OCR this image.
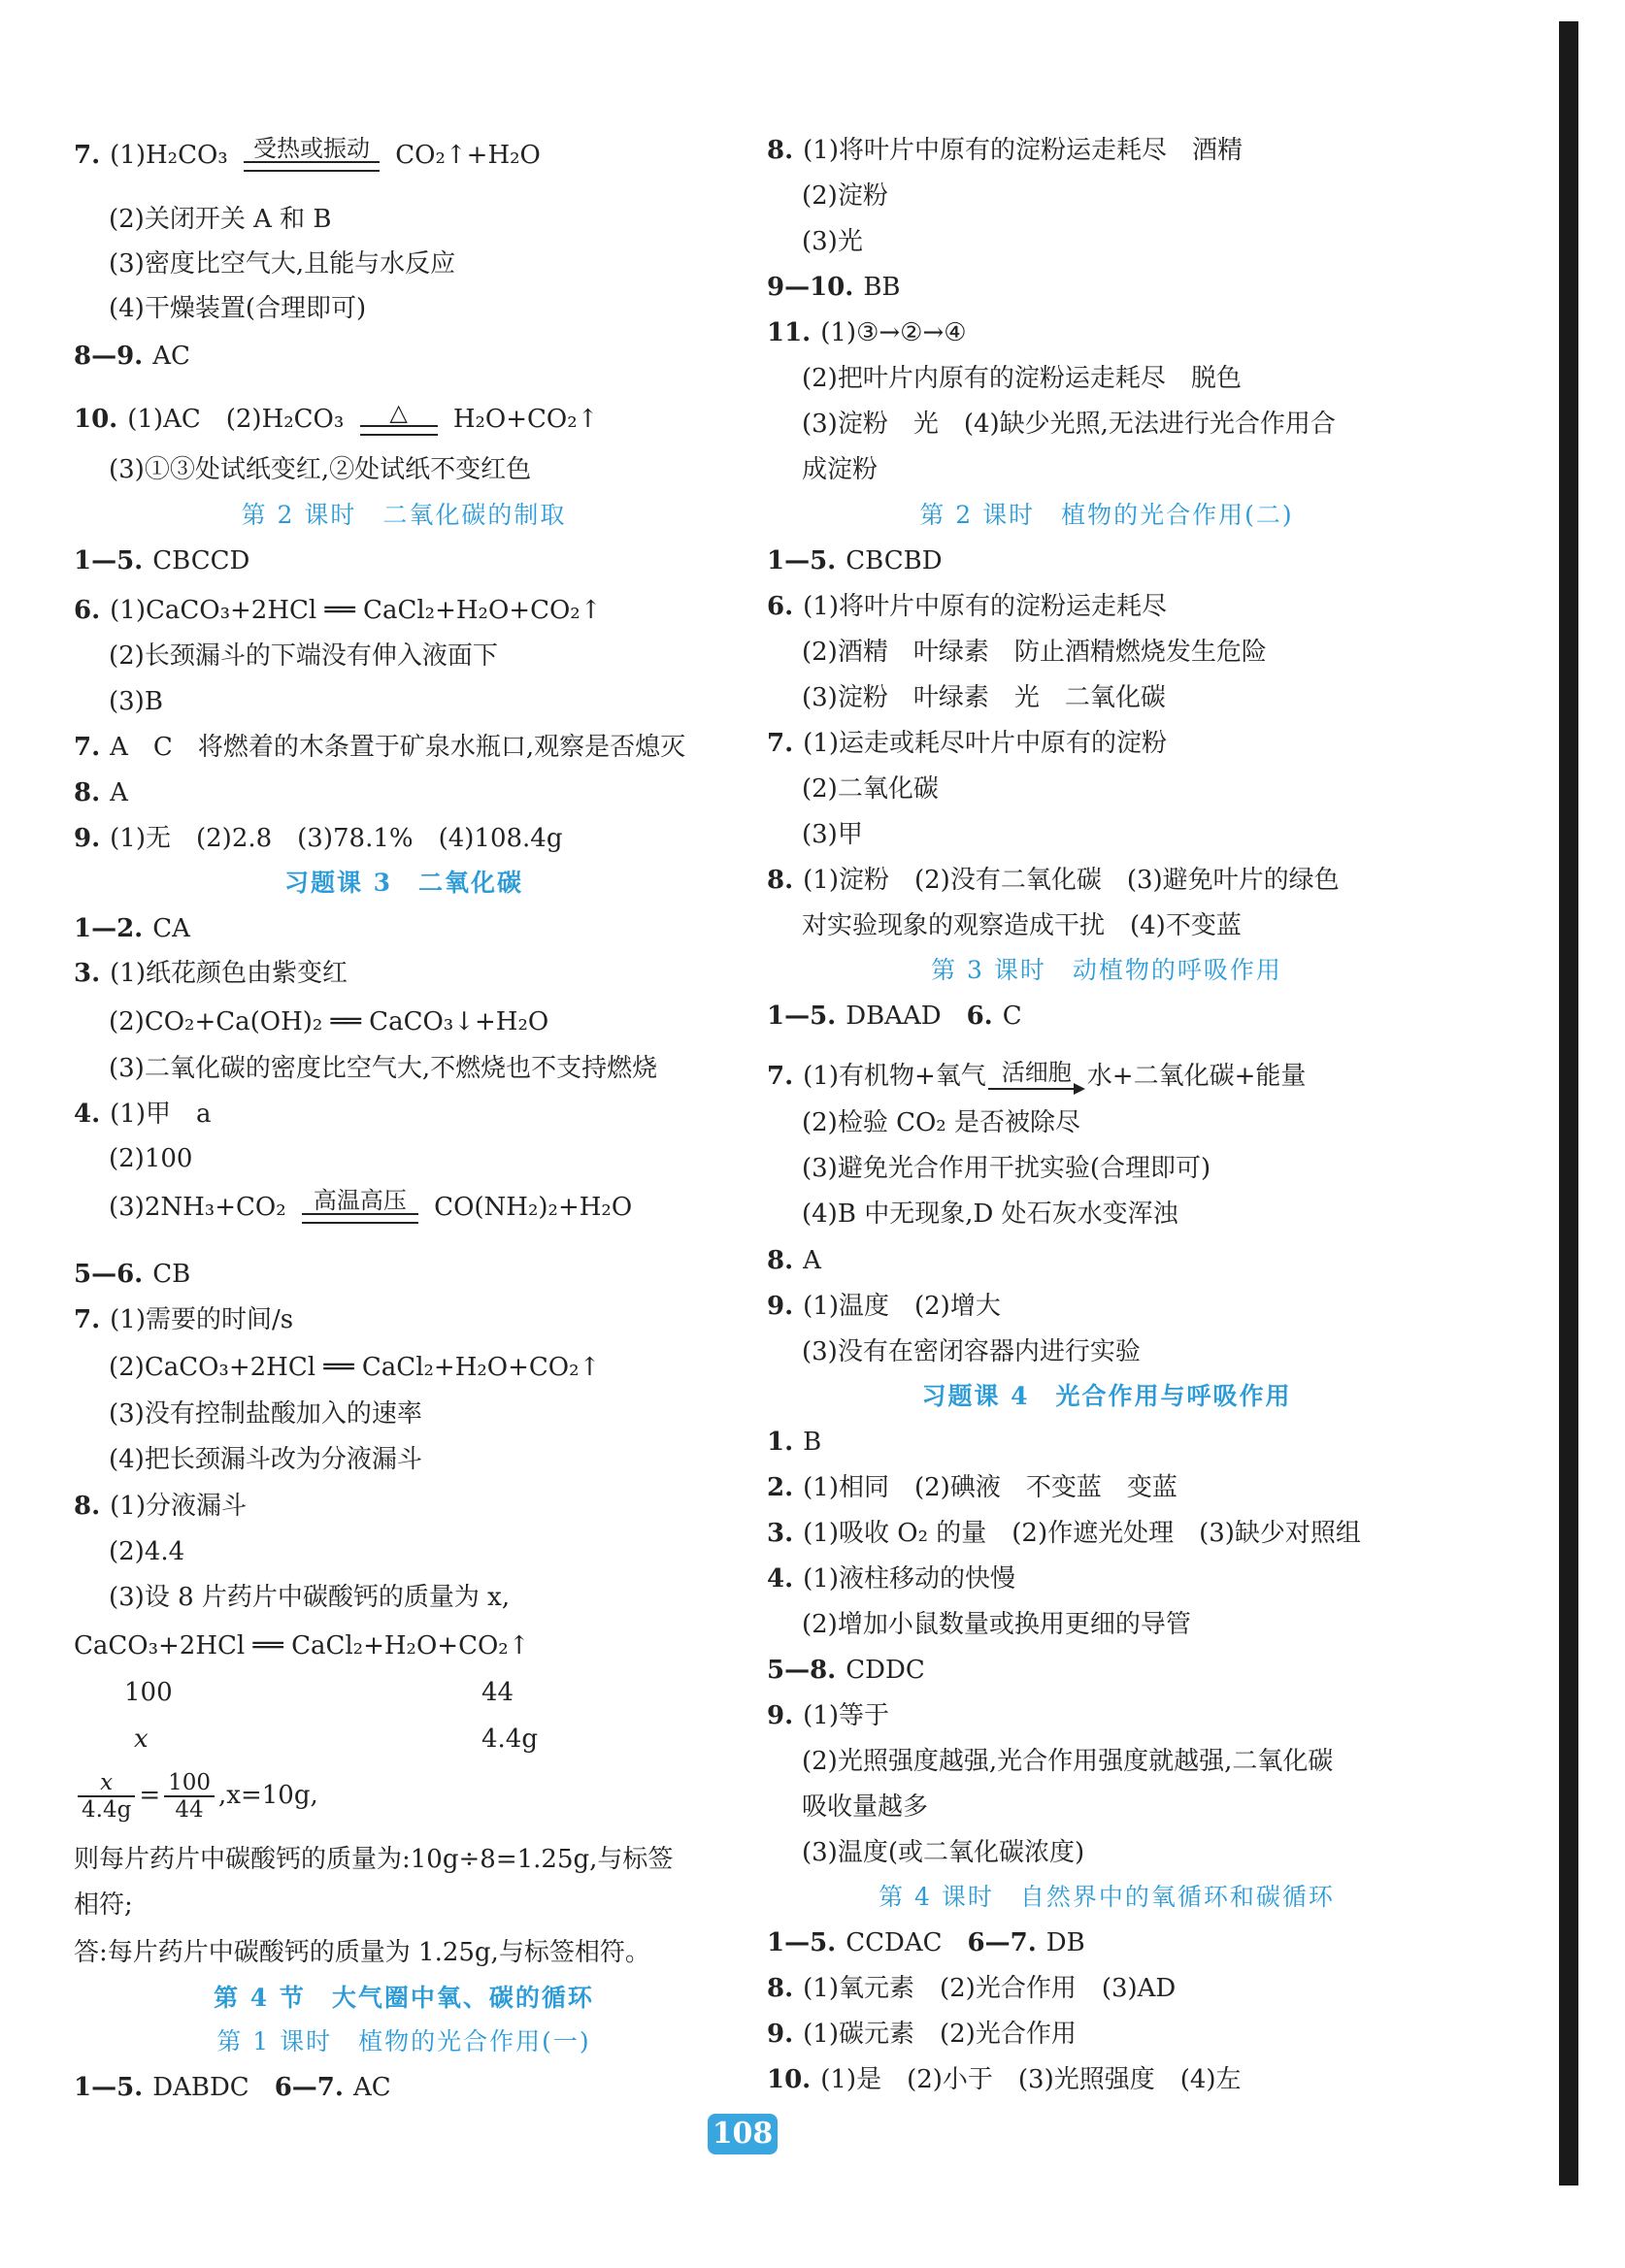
7. (1)H₂CO₃	受热或振动	CO₂↑+H₂O
(2)关闭开关 A 和 B
(3)密度比空气大,且能与水反应
(4)干燥装置(合理即可)
8—9. AC
10. (1)AC　(2)H₂CO₃	△	H₂O+CO₂↑
(3)①③处试纸变红,②处试纸不变红色
第 2 课时　二氧化碳的制取
1—5. CBCCD
6. (1)CaCO₃+2HCl ══ CaCl₂+H₂O+CO₂↑
(2)长颈漏斗的下端没有伸入液面下
(3)B
7. A　C　将燃着的木条置于矿泉水瓶口,观察是否熄灭
8. A
9. (1)无　(2)2.8　(3)78.1%　(4)108.4g
习题课 3　二氧化碳
1—2. CA
3. (1)纸花颜色由紫变红
(2)CO₂+Ca(OH)₂ ══ CaCO₃↓+H₂O
(3)二氧化碳的密度比空气大,不燃烧也不支持燃烧
4. (1)甲　a
(2)100
(3)2NH₃+CO₂	高温高压	CO(NH₂)₂+H₂O
5—6. CB
7. (1)需要的时间/s
(2)CaCO₃+2HCl ══ CaCl₂+H₂O+CO₂↑
(3)没有控制盐酸加入的速率
(4)把长颈漏斗改为分液漏斗
8. (1)分液漏斗
(2)4.4
(3)设 8 片药片中碳酸钙的质量为 x,
CaCO₃+2HCl ══ CaCl₂+H₂O+CO₂↑
100	44
x	4.4g
$\frac{x}{4.4g} = \frac{100}{44} ,x=10g$,
则每片药片中碳酸钙的质量为:10g÷8=1.25g,与标签
相符;
答:每片药片中碳酸钙的质量为 1.25g,与标签相符。
第 4 节　大气圈中氧、碳的循环
第 1 课时　植物的光合作用(一)
1—5. DABDC　6—7. AC
8. (1)将叶片中原有的淀粉运走耗尽　酒精
(2)淀粉
(3)光
9—10. BB
11. (1)③→②→④
(2)把叶片内原有的淀粉运走耗尽　脱色
(3)淀粉　光　(4)缺少光照,无法进行光合作用合
成淀粉
第 2 课时　植物的光合作用(二)
1—5. CBCBD
6. (1)将叶片中原有的淀粉运走耗尽
(2)酒精　叶绿素　防止酒精燃烧发生危险
(3)淀粉　叶绿素　光　二氧化碳
7. (1)运走或耗尽叶片中原有的淀粉
(2)二氧化碳
(3)甲
8. (1)淀粉　(2)没有二氧化碳　(3)避免叶片的绿色
对实验现象的观察造成干扰　(4)不变蓝
第 3 课时　动植物的呼吸作用
1—5. DBAAD　6. C
7. (1)有机物+氧气 活细胞 水+二氧化碳+能量
(2)检验 CO₂ 是否被除尽
(3)避免光合作用干扰实验(合理即可)
(4)B 中无现象,D 处石灰水变浑浊
8. A
9. (1)温度　(2)增大
(3)没有在密闭容器内进行实验
习题课 4　光合作用与呼吸作用
1. B
2. (1)相同　(2)碘液　不变蓝　变蓝
3. (1)吸收 O₂ 的量　(2)作遮光处理　(3)缺少对照组
4. (1)液柱移动的快慢
(2)增加小鼠数量或换用更细的导管
5—8. CDDC
9. (1)等于
(2)光照强度越强,光合作用强度就越强,二氧化碳
吸收量越多
(3)温度(或二氧化碳浓度)
第 4 课时　自然界中的氧循环和碳循环
1—5. CCDAC　6—7. DB
8. (1)氧元素　(2)光合作用　(3)AD
9. (1)碳元素　(2)光合作用
10. (1)是　(2)小于　(3)光照强度　(4)左
108
